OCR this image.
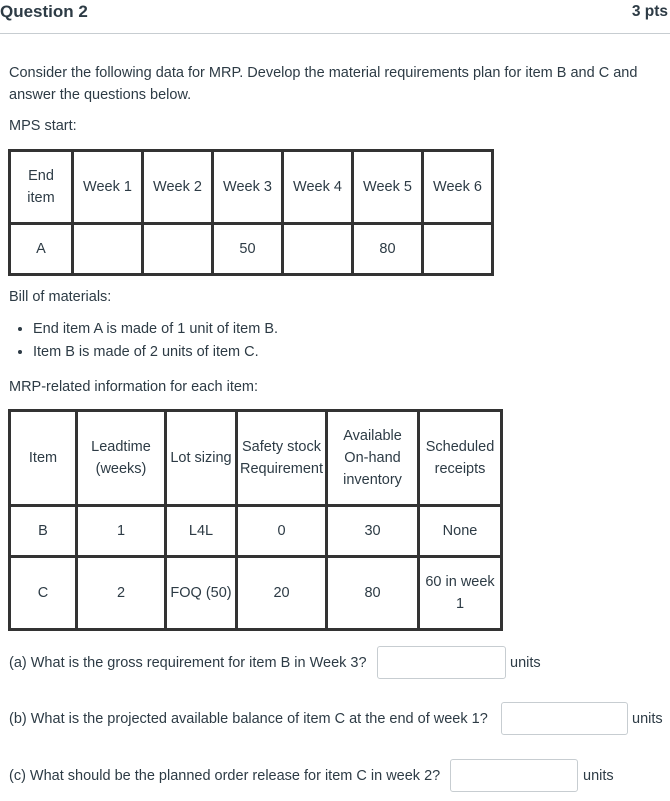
Question 2	3 pts
Consider the following data for MRP. Develop the material requirements plan for item B and C and answer the questions below.
MPS start:
End item	Week 1	Week 2	Week 3	Week 4	Week 5	Week 6
A			50		80	
Bill of materials:
• End item A is made of 1 unit of item B.
• Item B is made of 2 units of item C.
MRP-related information for each item:
Item	Leadtime (weeks)	Lot sizing	Safety stock Requirement	Available On-hand inventory	Scheduled receipts
B	1	L4L	0	30	None
C	2	FOQ (50)	20	80	60 in week 1
(a) What is the gross requirement for item B in Week 3?	units
(b) What is the projected available balance of item C at the end of week 1?	units
(c) What should be the planned order release for item C in week 2?	units
